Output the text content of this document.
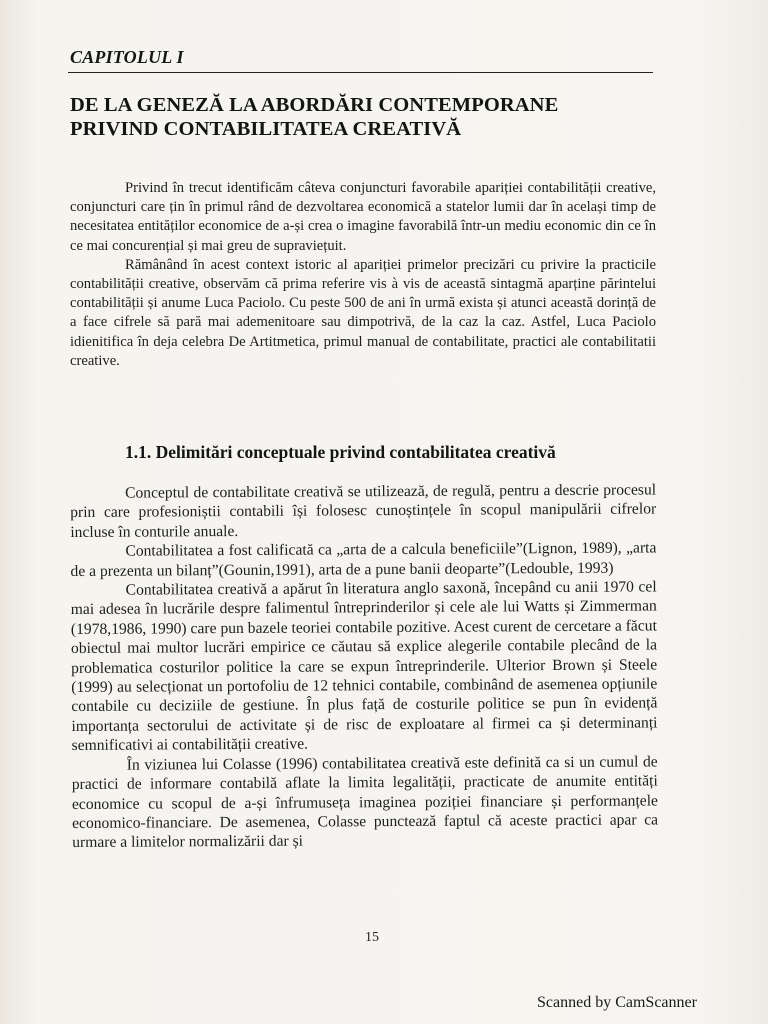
CAPITOLUL I
DE LA GENEZĂ LA ABORDĂRI CONTEMPORANE
PRIVIND CONTABILITATEA CREATIVĂ

Privind în trecut identificăm câteva conjuncturi favorabile apariției contabilității creative, conjuncturi care țin în primul rând de dezvoltarea economică a statelor lumii dar în același timp de necesitatea entităților economice de a-și crea o imagine favorabilă într-un mediu economic din ce în ce mai concurențial și mai greu de supraviețuit.

Rămânând în acest context istoric al apariției primelor precizări cu privire la practicile contabilității creative, observăm că prima referire vis à vis de această sintagmă aparține părintelui contabilității și anume Luca Paciolo. Cu peste 500 de ani în urmă exista și atunci această dorință de a face cifrele să pară mai ademenitoare sau dimpotrivă, de la caz la caz. Astfel, Luca Paciolo idienitifica în deja celebra De Artitmetica, primul manual de contabilitate, practici ale contabilitatii creative.

1.1. Delimitări conceptuale privind contabilitatea creativă

Conceptul de contabilitate creativă se utilizează, de regulă, pentru a descrie procesul prin care profesioniștii contabili își folosesc cunoștințele în scopul manipulării cifrelor incluse în conturile anuale.

Contabilitatea a fost calificată ca „arta de a calcula beneficiile”(Lignon, 1989), „arta de a prezenta un bilanț”(Gounin,1991), arta de a pune banii deoparte”(Ledouble, 1993)

Contabilitatea creativă a apărut în literatura anglo saxonă, începând cu anii 1970 cel mai adesea în lucrările despre falimentul întreprinderilor și cele ale lui Watts și Zimmerman (1978,1986, 1990) care pun bazele teoriei contabile pozitive. Acest curent de cercetare a făcut obiectul mai multor lucrări empirice ce căutau să explice alegerile contabile plecând de la problematica costurilor politice la care se expun întreprinderile. Ulterior Brown și Steele (1999) au selecționat un portofoliu de 12 tehnici contabile, combinând de asemenea opțiunile contabile cu deciziile de gestiune. În plus față de costurile politice se pun în evidență importanța sectorului de activitate și de risc de exploatare al firmei ca și determinanți semnificativi ai contabilității creative.

În viziunea lui Colasse (1996) contabilitatea creativă este definită ca si un cumul de practici de informare contabilă aflate la limita legalității, practicate de anumite entități economice cu scopul de a-și înfrumuseța imaginea poziției financiare și performanțele economico-financiare. De asemenea, Colasse punctează faptul că aceste practici apar ca urmare a limitelor normalizării dar și

15
Scanned by CamScanner
